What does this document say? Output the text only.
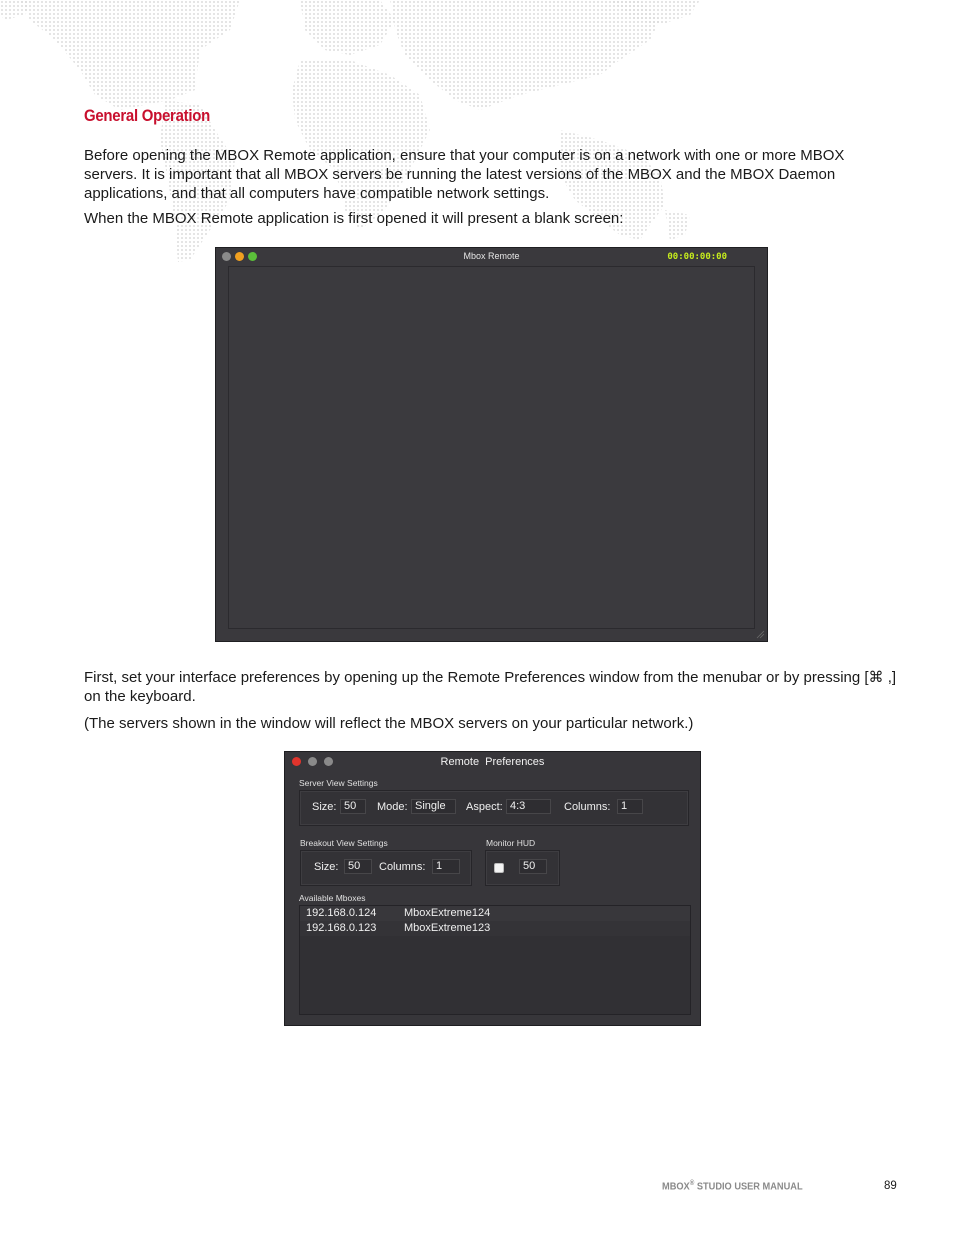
General Operation

Before opening the MBOX Remote application, ensure that your computer is on a network with one or more MBOX servers. It is important that all MBOX servers be running the latest versions of the MBOX and the MBOX Daemon applications, and that all computers have compatible network settings.

When the MBOX Remote application is first opened it will present a blank screen:

Mbox Remote	00:00:00:00

First, set your interface preferences by opening up the Remote Preferences window from the menubar or by pressing [⌘ ,] on the keyboard.

(The servers shown in the window will reflect the MBOX servers on your particular network.)

Remote Preferences
Server View Settings
Size: 50	Mode: Single	Aspect: 4:3	Columns: 1
Breakout View Settings
Size: 50	Columns: 1
Monitor HUD
50
Available Mboxes
192.168.0.124	MboxExtreme124
192.168.0.123	MboxExtreme123
MBOX® STUDIO USER MANUAL	89
